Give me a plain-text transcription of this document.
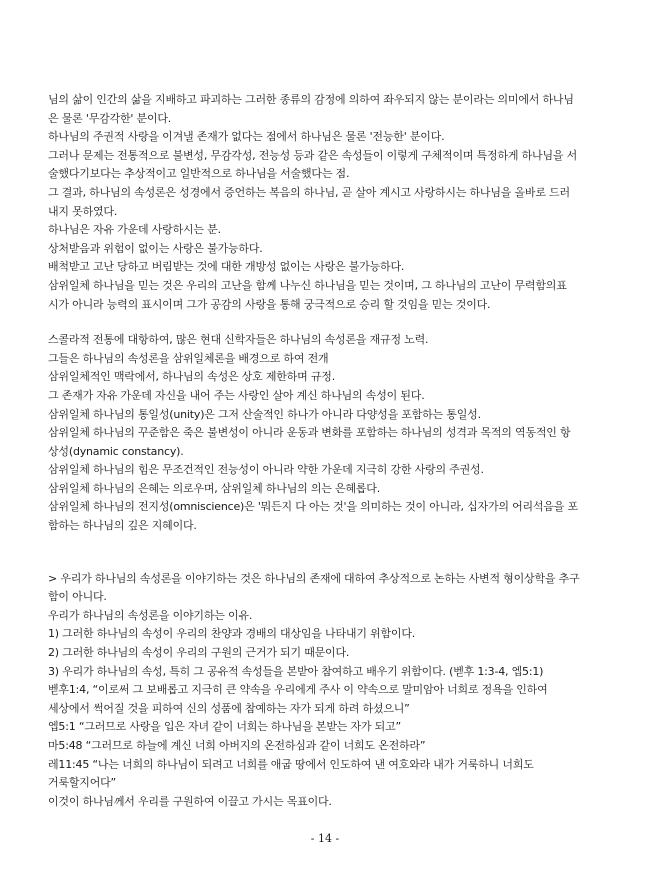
님의 삶이 인간의 삶을 지배하고 파괴하는 그러한 종류의 감정에 의하여 좌우되지 않는 분이라는 의미에서 하나님
은 물론 '무감각한' 분이다.
하나님의 주권적 사랑을 이겨낼 존재가 없다는 점에서 하나님은 물론 '전능한' 분이다.
그러나 문제는 전통적으로 불변성, 무감각성, 전능성 등과 같은 속성들이 이렇게 구체적이며 특정하게 하나님을 서
술했다기보다는 추상적이고 일반적으로 하나님을 서술했다는 점.
그 결과, 하나님의 속성론은 성경에서 증언하는 복음의 하나님, 곧 살아 계시고 사랑하시는 하나님을 올바로 드러
내지 못하였다.
하나님은 자유 가운데 사랑하시는 분.
상처받음과 위험이 없이는 사랑은 불가능하다.
배척받고 고난 당하고 버림받는 것에 대한 개방성 없이는 사랑은 불가능하다.
삼위일체 하나님을 믿는 것은 우리의 고난을 함께 나누신 하나님을 믿는 것이며, 그 하나님의 고난이 무력함의표
시가 아니라 능력의 표시이며 그가 공감의 사랑을 통해 궁극적으로 승리 할 것임을 믿는 것이다.
스콜라적 전통에 대항하여, 많은 현대 신학자들은 하나님의 속성론을 재규정 노력.
그들은 하나님의 속성론을 삼위일체론을 배경으로 하여 전개
삼위일체적인 맥락에서, 하나님의 속성은 상호 제한하며 규정.
그 존재가 자유 가운데 자신을 내어 주는 사랑인 살아 계신 하나님의 속성이 된다.
삼위일체 하나님의 통일성(unity)은 그저 산술적인 하나가 아니라 다양성을 포함하는 통일성.
삼위일체 하나님의 꾸준함은 죽은 불변성이 아니라 운동과 변화를 포함하는 하나님의 성격과 목적의 역동적인 항
상성(dynamic constancy).
삼위일체 하나님의 힘은 무조건적인 전능성이 아니라 약한 가운데 지극히 강한 사랑의 주권성.
삼위일체 하나님의 은혜는 의로우며, 삼위일체 하나님의 의는 은혜롭다.
삼위일체 하나님의 전지성(omniscience)은 '뭐든지 다 아는 것'을 의미하는 것이 아니라, 십자가의 어리석음을 포
함하는 하나님의 깊은 지혜이다.
> 우리가 하나님의 속성론을 이야기하는 것은 하나님의 존재에 대하여 추상적으로 논하는 사변적 형이상학을 추구
함이 아니다.
우리가 하나님의 속성론을 이야기하는 이유.
1) 그러한 하나님의 속성이 우리의 찬양과 경배의 대상임을 나타내기 위함이다.
2) 그러한 하나님의 속성이 우리의 구원의 근거가 되기 때문이다.
3) 우리가 하나님의 속성, 특히 그 공유적 속성들을 본받아 참여하고 배우기 위함이다. (벧후 1:3-4, 엡5:1)
벧후1:4, “이로써 그 보배롭고 지극히 큰 약속을 우리에게 주사 이 약속으로 말미암아 너희로 정욕을 인하여
세상에서 썩어질 것을 피하여 신의 성품에 참예하는 자가 되게 하려 하셨으니”
엡5:1 “그러므로 사랑을 입은 자녀 같이 너희는 하나님을 본받는 자가 되고”
마5:48 “그러므로 하늘에 계신 너희 아버지의 온전하심과 같이 너희도 온전하라”
레11:45 “나는 너희의 하나님이 되려고 너희를 애굽 땅에서 인도하여 낸 여호와라 내가 거룩하니 너희도
거룩할지어다”
이것이 하나님께서 우리를 구원하여 이끌고 가시는 목표이다.
- 14 -
